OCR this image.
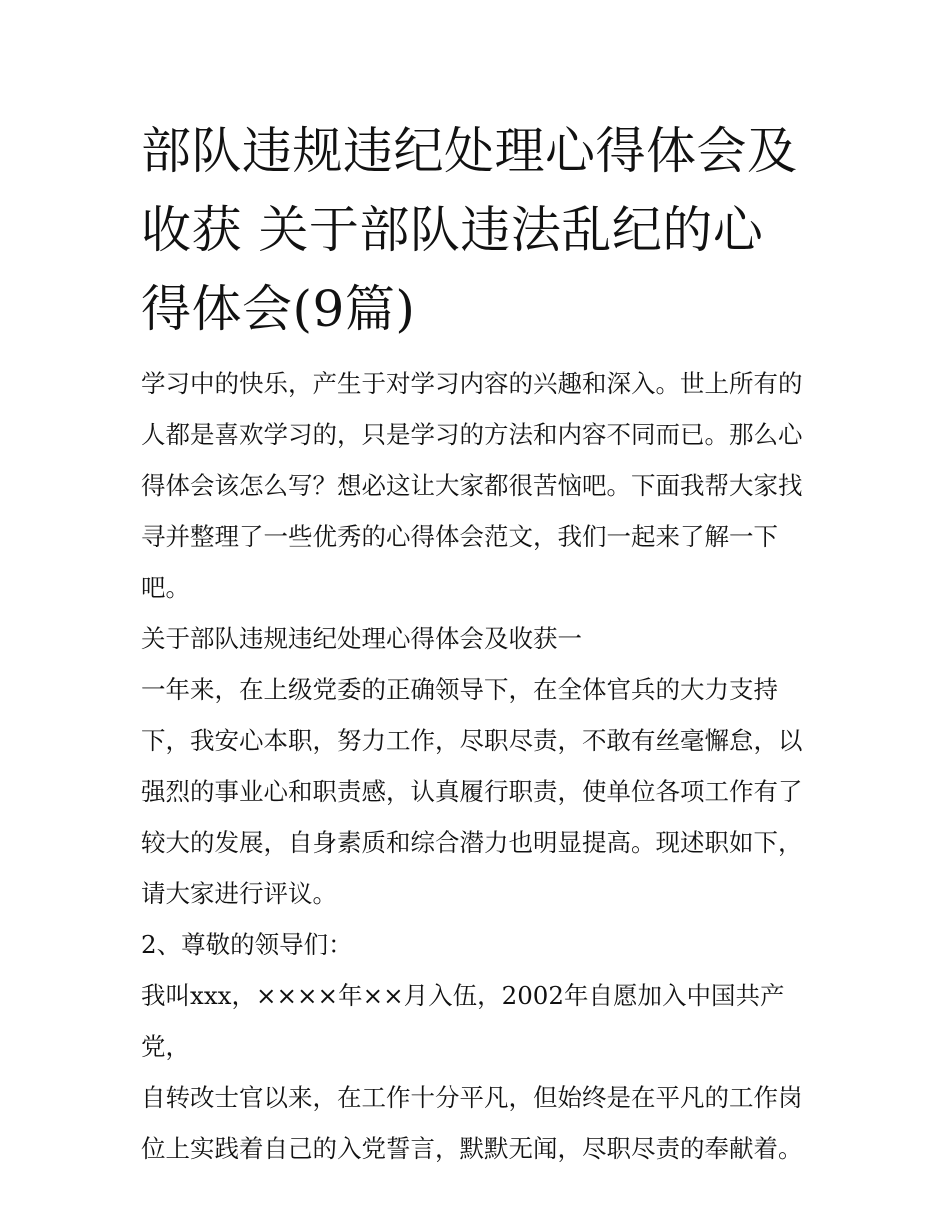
部队违规违纪处理心得体会及收获 关于部队违法乱纪的心得体会(9篇)

学习中的快乐，产生于对学习内容的兴趣和深入。世上所有的人都是喜欢学习的，只是学习的方法和内容不同而已。那么心得体会该怎么写？想必这让大家都很苦恼吧。下面我帮大家找寻并整理了一些优秀的心得体会范文，我们一起来了解一下吧。

关于部队违规违纪处理心得体会及收获一

一年来，在上级党委的正确领导下，在全体官兵的大力支持下，我安心本职，努力工作，尽职尽责，不敢有丝毫懈怠，以强烈的事业心和职责感，认真履行职责，使单位各项工作有了较大的发展，自身素质和综合潜力也明显提高。现述职如下，请大家进行评议。

2、尊敬的领导们：

我叫xxx，××××年××月入伍，2002年自愿加入中国共产党，

自转改士官以来，在工作十分平凡，但始终是在平凡的工作岗位上实践着自己的入党誓言，默默无闻，尽职尽责的奉献着。
